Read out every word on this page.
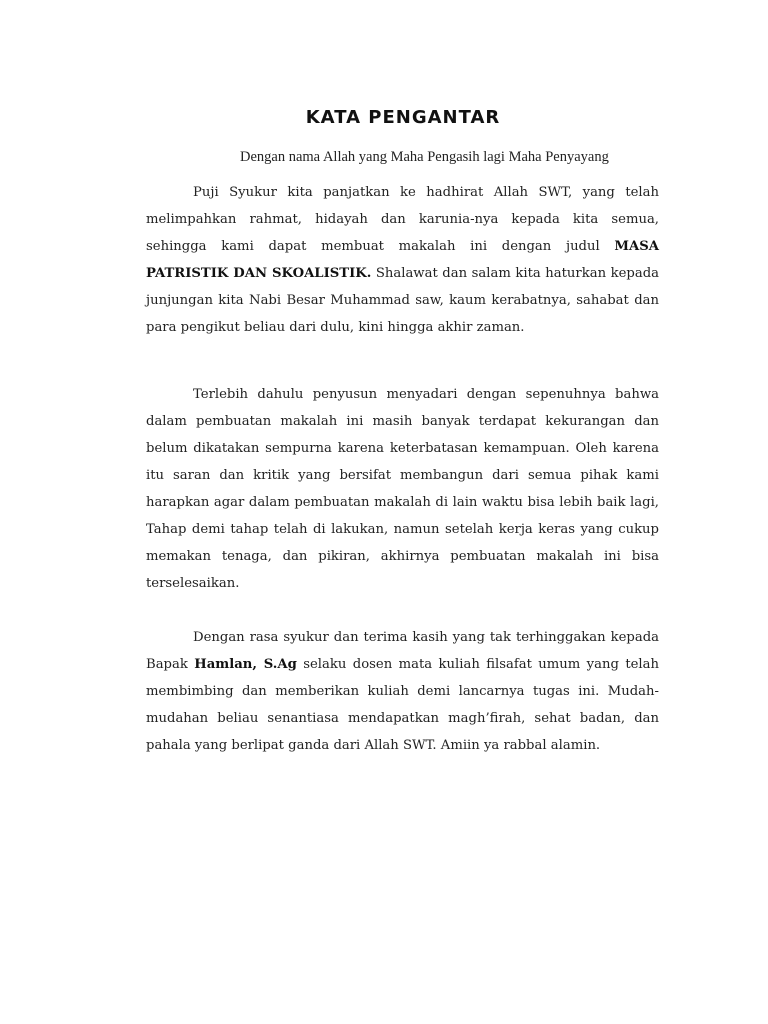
KATA PENGANTAR

Dengan nama Allah yang Maha Pengasih lagi Maha Penyayang

Puji Syukur kita panjatkan ke hadhirat Allah SWT, yang telah melimpahkan rahmat, hidayah dan karunia-nya kepada kita semua, sehingga kami dapat membuat makalah ini dengan judul MASA PATRISTIK DAN SKOALISTIK. Shalawat dan salam kita haturkan kepada junjungan kita Nabi Besar Muhammad saw, kaum kerabatnya, sahabat dan para pengikut beliau dari dulu, kini hingga akhir zaman.

Terlebih dahulu penyusun menyadari dengan sepenuhnya bahwa dalam pembuatan makalah ini masih banyak terdapat kekurangan dan belum dikatakan sempurna karena keterbatasan kemampuan. Oleh karena itu saran dan kritik yang bersifat membangun dari semua pihak kami harapkan agar dalam pembuatan makalah di lain waktu bisa lebih baik lagi, Tahap demi tahap telah di lakukan, namun setelah kerja keras yang cukup memakan tenaga, dan pikiran, akhirnya pembuatan makalah ini bisa terselesaikan.

Dengan rasa syukur dan terima kasih yang tak terhinggakan kepada Bapak Hamlan, S.Ag selaku dosen mata kuliah filsafat umum yang telah membimbing dan memberikan kuliah demi lancarnya tugas ini. Mudah-mudahan beliau senantiasa mendapatkan magh’firah, sehat badan, dan pahala yang berlipat ganda dari Allah SWT. Amiin ya rabbal alamin.
